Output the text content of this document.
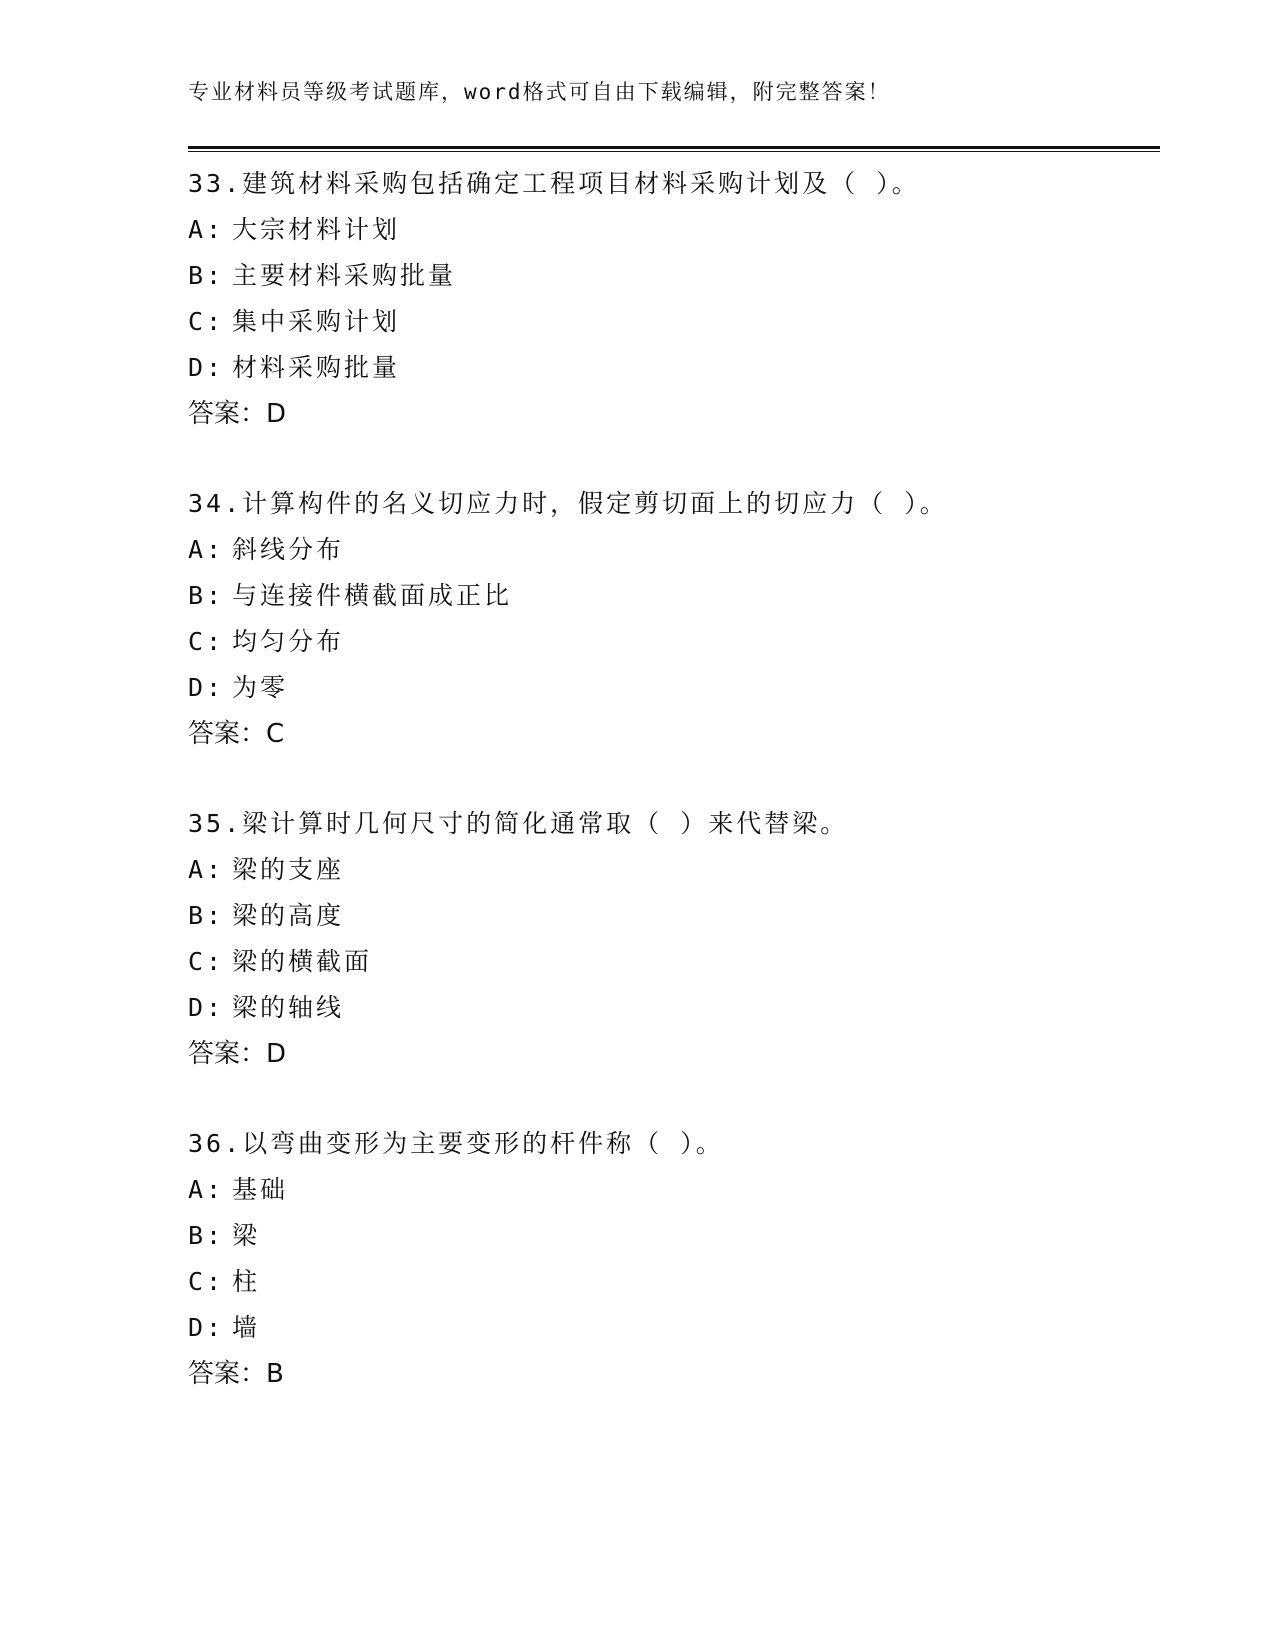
专业材料员等级考试题库，word格式可自由下载编辑，附完整答案！
33.建筑材料采购包括确定工程项目材料采购计划及（ ）。
A: 大宗材料计划
B: 主要材料采购批量
C: 集中采购计划
D: 材料采购批量
答案：D
34.计算构件的名义切应力时，假定剪切面上的切应力（ ）。
A: 斜线分布
B: 与连接件横截面成正比
C: 均匀分布
D: 为零
答案：C
35.梁计算时几何尺寸的简化通常取（ ）来代替梁。
A: 梁的支座
B: 梁的高度
C: 梁的横截面
D: 梁的轴线
答案：D
36.以弯曲变形为主要变形的杆件称（ ）。
A: 基础
B: 梁
C: 柱
D: 墙
答案：B
